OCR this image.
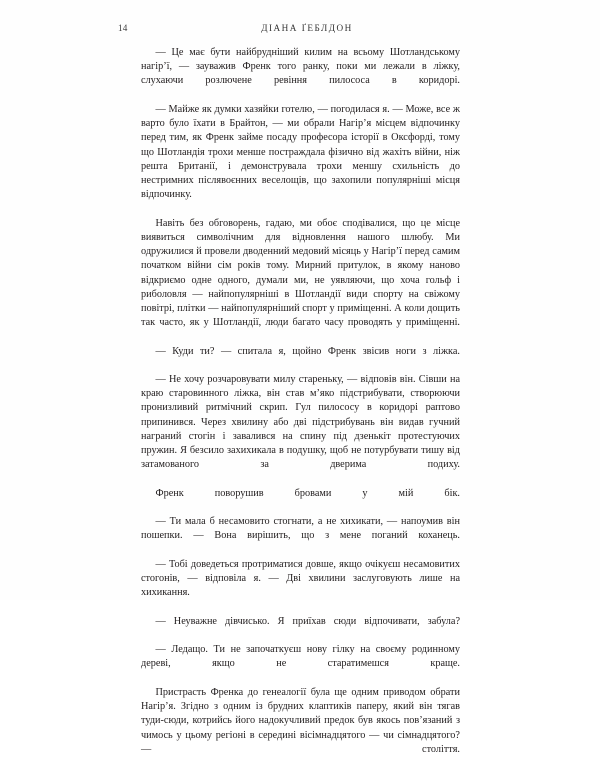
14	ДІАНА ҐЕБЛДОН

— Це має бути найбрудніший килим на всьому Шотландському нагірʼї, — зауважив Френк того ранку, поки ми лежали в ліжку, слухаючи розлючене ревіння пилососа в коридорі.

— Майже як думки хазяйки готелю, — погодилася я. — Може, все ж варто було їхати в Брайтон, — ми обрали Нагірʼя місцем відпочинку перед тим, як Френк займе посаду професора історії в Оксфорді, тому що Шотландія трохи менше постраждала фізично від жахіть війни, ніж решта Британії, і демонструвала трохи меншу схильність до нестримних післявоєнних веселощів, що захопили популярніші місця відпочинку.

Навіть без обговорень, гадаю, ми обоє сподівалися, що це місце виявиться символічним для відновлення нашого шлюбу. Ми одружилися й провели дводенний медовий місяць у Нагірʼї перед самим початком війни сім років тому. Мирний притулок, в якому наново відкриємо одне одного, думали ми, не уявляючи, що хоча гольф і риболовля — найпопулярніші в Шотландії види спорту на свіжому повітрі, плітки — найпопулярніший спорт у приміщенні. А коли дощить так часто, як у Шотландії, люди багато часу проводять у приміщенні.

— Куди ти? — спитала я, щойно Френк звісив ноги з ліжка.

— Не хочу розчаровувати милу стареньку, — відповів він. Сівши на краю старовинного ліжка, він став мʼяко підстрибувати, створюючи пронизливий ритмічний скрип. Гул пилососу в коридорі раптово припинився. Через хвилину або дві підстрибувань він видав гучний награний стогін і завалився на спину під дзенькіт протестуючих пружин. Я безсило захихикала в подушку, щоб не потурбувати тишу від затамованого за дверима подиху.

Френк поворушив бровами у мій бік.

— Ти мала б несамовито стогнати, а не хихикати, — напоумив він пошепки. — Вона вирішить, що з мене поганий коханець.

— Тобі доведеться протриматися довше, якщо очікуєш несамовитих стогонів, — відповіла я. — Дві хвилини заслуговують лише на хихикання.

— Неуважне дівчисько. Я приїхав сюди відпочивати, забула?

— Ледащо. Ти не започаткуєш нову гілку на своєму родинному дереві, якщо не старатимешся краще.

Пристрасть Френка до генеалогії була ще одним приводом обрати Нагірʼя. Згідно з одним із брудних клаптиків паперу, який він тягав туди-сюди, котрийсь його надокучливий предок був якось повʼязаний з чимось у цьому регіоні в середині вісімнадцятого — чи сімнадцятого? — століття.
